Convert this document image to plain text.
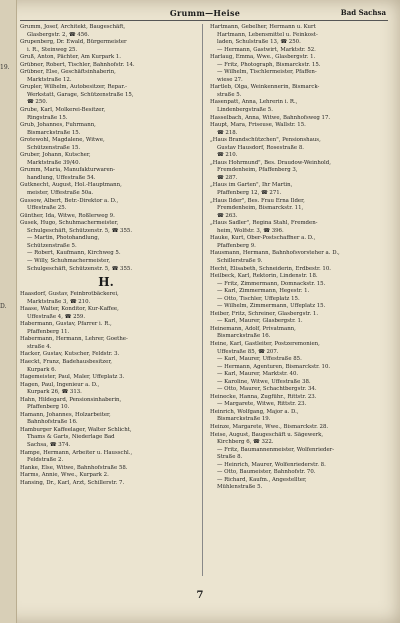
19.
D.
Grumm—Heise	Bad Sachsa
Grumm, Josef, Architekt, Baugeschäft,
Glasbergstr. 2, ☎ 456.
Grupenberg, Dr. Ewald, Bürgermeister
i. R., Steinweg 25.
Gruß, Anton, Pächter, Am Kurpark 1.
Grübner, Robert, Tischler, Bahnhofstr. 14.
Grübner, Else, Geschäftsinhaberin,
Marktstraße 12.
Grupler, Wilhelm, Autobesitzer, Repar.-
Werkstatt, Garage, Schützenstraße 15,
☎ 250.
Grube, Karl, Molkerei-Besitzer,
Ringstraße 15.
Grub, Johannes, Fuhrmann,
Bismarckstraße 15.
Grotewohl, Magdalene, Witwe,
Schützenstraße 15.
Gruber, Johann, Kutscher,
Marktstraße 39/40.
Grumm, Maria, Manufakturwaren-
handlung, Uffestraße 54.
Gutknecht, August, Hol.-Hauptmann,
meister, Uffestraße 50a.
Gussow, Albert, Betr.-Direktor a. D.,
Uffestraße 25.
Günther, Ida, Witwe, Roßlerweg 9.
Gusek, Hugo, Schuhmachermeister,
Schulgeschäft, Schützenstr. 5, ☎ 355.
— Martin, Photohandlung,
Schützenstraße 5.
— Robert, Kaufmann, Kirchweg 5.
— Willy, Schuhmachermeister,
Schulgeschäft, Schützenstr. 5, ☎ 355.
H.
Haasdorf, Gustav, Feinbrotbäckerei,
Marktstraße 3, ☎ 210.
Haase, Walter, Konditor, Kur-Kaffee,
Uffestraße 4, ☎ 259.
Habermann, Gustav, Pfarrer i. R.,
Pfaffenberg 11.
Habermann, Hermann, Lehrer, Goethe-
straße 4.
Hacker, Gustav, Kutscher, Feldstr. 3.
Haeckt, Franz, Badehausbesitzer,
Kurpark 6.
Hagemeister, Paul, Maler, Uffeplatz 3.
Hagen, Paul, Ingenieur a. D.,
Kurpark 26, ☎ 313.
Hahn, Hildegard, Pensionsinhaberin,
Pfaffenberg 10.
Hamann, Johannes, Holzarbeiter,
Bahnhofstraße 16.
Hamburger Kaffeelager, Walter Schlicht,
Thams & Garts, Niederlage Bad
Sachsa, ☎ 374.
Hampe, Hermann, Arbeiter u. Hausschl.,
Feldstraße 2.
Hanke, Else, Witwe, Bahnhofstraße 58.
Harms, Annie, Wwe., Kurpark 2.
Hansing, Dr., Karl, Arzt, Schillerstr. 7.
Hartmann, Gebelher, Hermann u. Kurt
Hartmann, Lebensmittel u. Feinkost-
laden, Schulstraße 13, ☎ 250.
— Hermann, Gastwirt, Marktstr. 52.
Harlaug, Emma, Wwe., Glasbergstr. 1.
— Fritz, Photograph, Bismarckstr. 15.
— Wilhelm, Tischlermeister, Pfaffen-
wiese 27.
Hartleb, Olga, Weinkennerin, Bismarck-
straße 5.
Hasenpatt, Anna, Lehrerin i. R.,
Lindenbergstraße 5.
Hasselbach, Anna, Witwe, Bahnhofsweg 17.
Haupt, Mara, Friseuse, Wallstr. 15.
☎ 218.
„Haus Brandschützchen", Pensionshaus,
Gustav Hausdorf, Rosestraße 8.
☎ 210.
„Haus Hohrmund", Bes. Draudow-Weinhold,
Fremdenheim, Pfaffenberg 3,
☎ 287.
„Haus im Garten", Ihr Martin,
Pfaffenberg 12, ☎ 271.
„Haus Ilder", Bes. Frau Erna Ilder,
Fremdenheim, Bismarckstr. 11,
☎ 263.
„Haus Sadler", Regina Stahl, Fremden-
heim, Wolfstr. 3, ☎ 396.
Hauke, Kurt, Ober-Postschaffner a. D.,
Pfaffenberg 9.
Hausmann, Hermann, Bahnhofsvorsteher a. D.,
Schillerstraße 9.
Hecht, Elisabeth, Schneiderin, Erdbestr. 10.
Heilbeck, Karl, Rektorin, Lindenstr. 18.
— Fritz, Zimmermann, Domnackstr. 15.
— Karl, Zimmermann, Hegestr. 1.
— Otto, Tischler, Uffeplatz 15.
— Wilhelm, Zimmermann, Uffeplatz 15.
Heiber, Fritz, Schreiner, Glasbergstr. 1.
— Karl, Maurer, Glasbergstr. 1.
Heinemann, Adolf, Privatmann,
Bismarckstraße 16.
Heine, Karl, Gastleiter, Postzeremonien,
Uffestraße 85, ☎ 207.
— Karl, Maurer, Uffestraße 85.
— Hermann, Agenturen, Bismarckstr. 10.
— Karl, Maurer, Marktstr. 40.
— Karoline, Witwe, Uffestraße 38.
— Otto, Maurer, Schachtbergstr. 34.
Heinecke, Hanna, Zugführ., Rittstr. 23.
— Margarete, Witwe, Rittstr. 23.
Heinrich, Wolfgang, Major a. D.,
Bismarckstraße 19.
Heinze, Margarete, Wwe., Bismarckstr. 28.
Heise, August, Baugeschäft u. Sägewerk,
Kirchberg 6, ☎ 322.
— Fritz, Baumannenmeister, Wolfenrieder-
Straße 8.
— Heinrich, Maurer, Wolfenriederstr. 8.
— Otto, Baumeister, Bahnhofstr. 70.
— Richard, Kaufm., Angestellter,
Mühlenstraße 5.
7
